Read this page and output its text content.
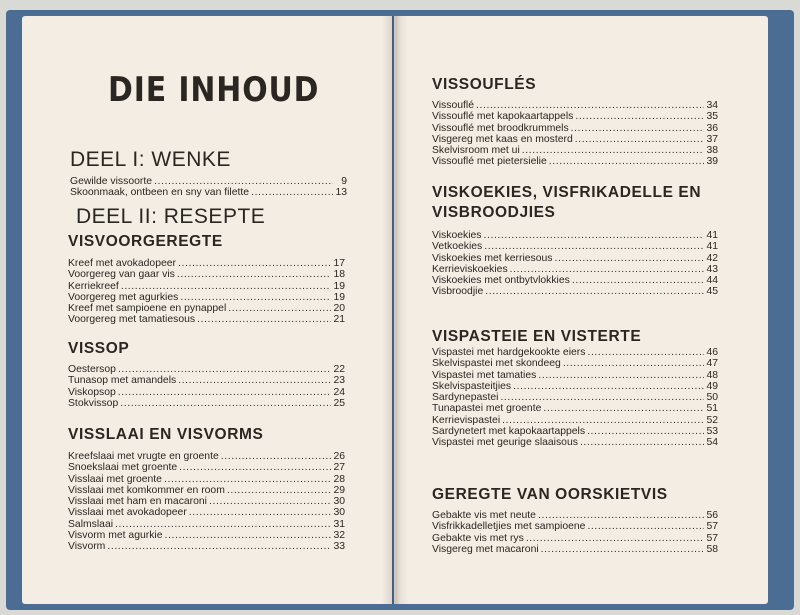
DIE INHOUD
DEEL I: WENKE
Gewilde vissoorte .....	9
Skoonmaak, ontbeen en sny van filette .....	13
DEEL II: RESEPTE
VISVOORGEREGTE
Kreef met avokadopeer .....	17
Voorgereg van gaar vis .....	18
Kerriekreef .....	19
Voorgereg met agurkies .....	19
Kreef met sampioene en pynappel .....	20
Voorgereg met tamatiesous .....	21
VISSOP
Oestersop .....	22
Tunasop met amandels .....	23
Viskopsop .....	24
Stokvissop .....	25
VISSLAAI EN VISVORMS
Kreefslaai met vrugte en groente .....	26
Snoekslaai met groente .....	27
Visslaai met groente .....	28
Visslaai met komkommer en room .....	29
Visslaai met ham en macaroni .....	30
Visslaai met avokadopeer .....	30
Salmslaai .....	31
Visvorm met agurkie .....	32
Visvorm .....	33
VISSOUFLÉS
Vissouflé .....	34
Vissouflé met kapokaartappels .....	35
Vissouflé met broodkrummels .....	36
Visgereg met kaas en mosterd .....	37
Skelvisroom met ui .....	38
Vissouflé met pietersielie .....	39
VISKOEKIES, VISFRIKADELLE EN
VISBROODJIES
Viskoekies .....	41
Vetkoekies .....	41
Viskoekies met kerriesous .....	42
Kerrieviskoekies .....	43
Viskoekies met ontbytvlokkies .....	44
Visbroodjie .....	45
VISPASTEIE EN VISTERTE
Vispastei met hardgekookte eiers .....	46
Skelvispastei met skondeeg .....	47
Vispastei met tamaties .....	48
Skelvispasteitjies .....	49
Sardynepastei .....	50
Tunapastei met groente .....	51
Kerrievispastei .....	52
Sardynetert met kapokaartappels .....	53
Vispastei met geurige slaaisous .....	54
GEREGTE VAN OORSKIETVIS
Gebakte vis met neute .....	56
Visfrikkadelletjies met sampioene .....	57
Gebakte vis met rys .....	57
Visgereg met macaroni .....	58
